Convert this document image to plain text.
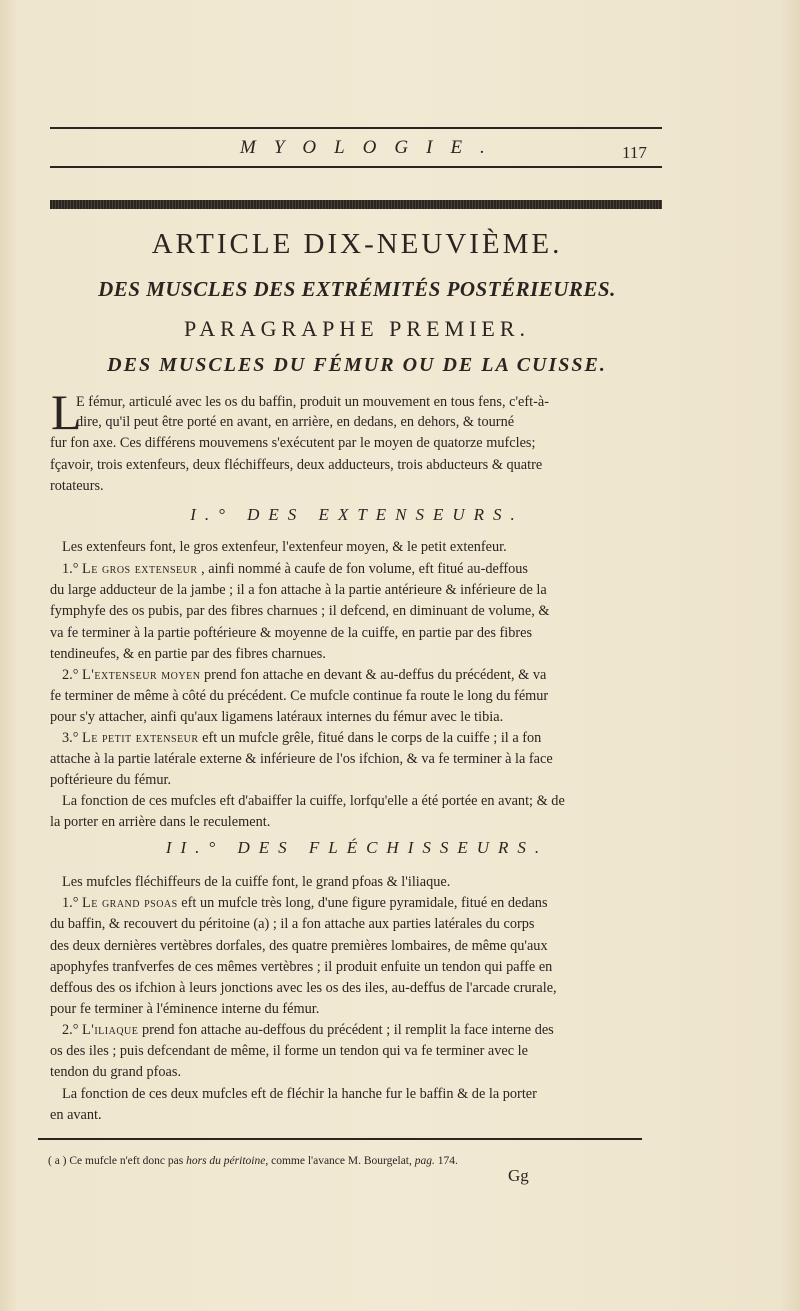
MYOLOGIE.	117
ARTICLE DIX-NEUVIÈME.
DES MUSCLES DES EXTRÉMITÉS POSTÉRIEURES.
PARAGRAPHE PREMIER.
DES MUSCLES DU FÉMUR OU DE LA CUISSE.
L
E fémur, articulé avec les os du baffin, produit un mouvement en tous fens, c'eft-à-
dire, qu'il peut être porté en avant, en arrière, en dedans, en dehors, & tourné
fur fon axe. Ces différens mouvemens s'exécutent par le moyen de quatorze mufcles;
fçavoir, trois extenfeurs, deux fléchiffeurs, deux adducteurs, trois abducteurs & quatre
rotateurs.
I.° DES EXTENSEURS.
Les extenfeurs font, le gros extenfeur, l'extenfeur moyen, & le petit extenfeur.
1.° Le gros extenseur , ainfi nommé à caufe de fon volume, eft fitué au-deffous
du large adducteur de la jambe ; il a fon attache à la partie antérieure & inférieure de la
fymphyfe des os pubis, par des fibres charnues ; il defcend, en diminuant de volume, &
va fe terminer à la partie poftérieure & moyenne de la cuiffe, en partie par des fibres
tendineufes, & en partie par des fibres charnues.
2.° L'extenseur moyen prend fon attache en devant & au-deffus du précédent, & va
fe terminer de même à côté du précédent. Ce mufcle continue fa route le long du fémur
pour s'y attacher, ainfi qu'aux ligamens latéraux internes du fémur avec le tibia.
3.° Le petit extenseur eft un mufcle grêle, fitué dans le corps de la cuiffe ; il a fon
attache à la partie latérale externe & inférieure de l'os ifchion, & va fe terminer à la face
poftérieure du fémur.
La fonction de ces mufcles eft d'abaiffer la cuiffe, lorfqu'elle a été portée en avant; & de
la porter en arrière dans le reculement.
II.° DES FLÉCHISSEURS.
Les mufcles fléchiffeurs de la cuiffe font, le grand pfoas & l'iliaque.
1.° Le grand psoas eft un mufcle très long, d'une figure pyramidale, fitué en dedans
du baffin, & recouvert du péritoine (a) ; il a fon attache aux parties latérales du corps
des deux dernières vertèbres dorfales, des quatre premières lombaires, de même qu'aux
apophyfes tranfverfes de ces mêmes vertèbres ; il produit enfuite un tendon qui paffe en
deffous des os ifchion à leurs jonctions avec les os des iles, au-deffus de l'arcade crurale,
pour fe terminer à l'éminence interne du fémur.
2.° L'iliaque prend fon attache au-deffous du précédent ; il remplit la face interne des
os des iles ; puis defcendant de même, il forme un tendon qui va fe terminer avec le
tendon du grand pfoas.
La fonction de ces deux mufcles eft de fléchir la hanche fur le baffin & de la porter
en avant.
( a ) Ce mufcle n'eft donc pas hors du péritoine, comme l'avance M. Bourgelat, pag. 174.
Gg
